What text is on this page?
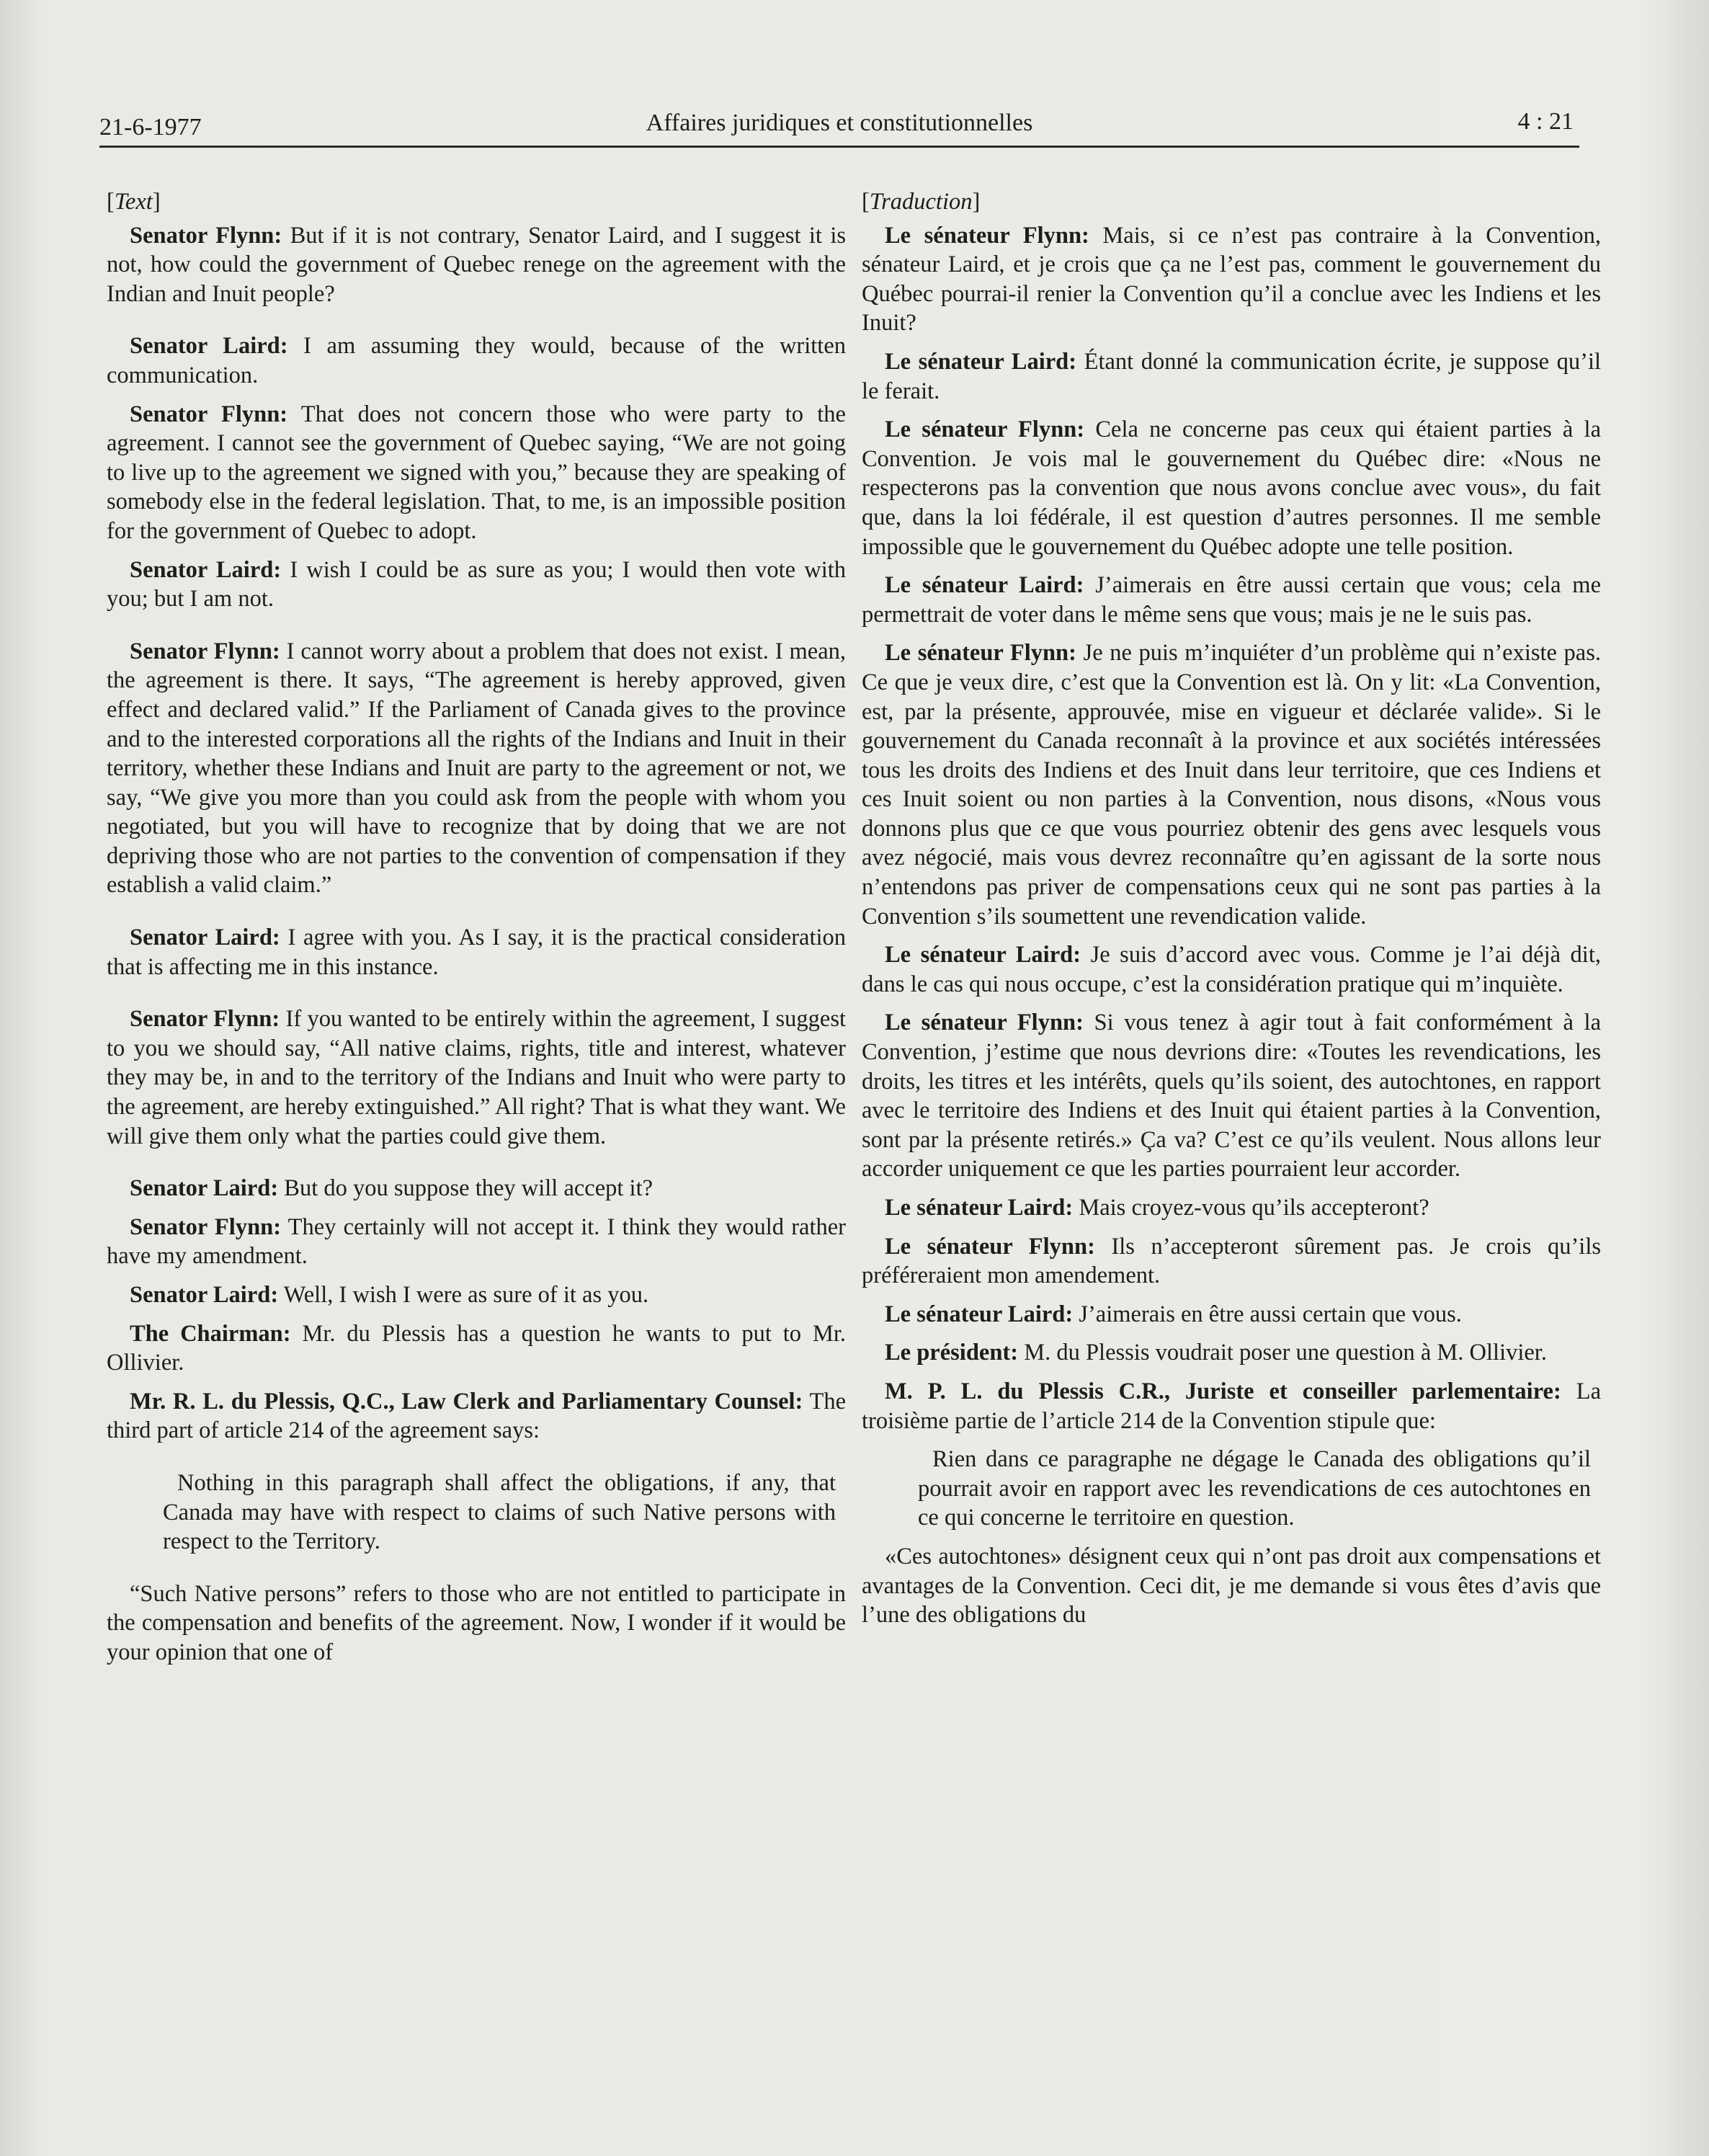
21-6-1977	Affaires juridiques et constitutionnelles	4 : 21
[Text]

Senator Flynn: But if it is not contrary, Senator Laird, and I suggest it is not, how could the government of Quebec renege on the agreement with the Indian and Inuit people?

Senator Laird: I am assuming they would, because of the written communication.

Senator Flynn: That does not concern those who were party to the agreement. I cannot see the government of Quebec saying, “We are not going to live up to the agreement we signed with you,” because they are speaking of somebody else in the federal legislation. That, to me, is an impossible position for the government of Quebec to adopt.

Senator Laird: I wish I could be as sure as you; I would then vote with you; but I am not.

Senator Flynn: I cannot worry about a problem that does not exist. I mean, the agreement is there. It says, “The agreement is hereby approved, given effect and declared valid.” If the Parliament of Canada gives to the province and to the interested corporations all the rights of the Indians and Inuit in their territory, whether these Indians and Inuit are party to the agreement or not, we say, “We give you more than you could ask from the people with whom you negotiated, but you will have to recognize that by doing that we are not depriving those who are not parties to the convention of compensation if they establish a valid claim.”

Senator Laird: I agree with you. As I say, it is the practical consideration that is affecting me in this instance.

Senator Flynn: If you wanted to be entirely within the agreement, I suggest to you we should say, “All native claims, rights, title and interest, whatever they may be, in and to the territory of the Indians and Inuit who were party to the agreement, are hereby extinguished.” All right? That is what they want. We will give them only what the parties could give them.

Senator Laird: But do you suppose they will accept it?

Senator Flynn: They certainly will not accept it. I think they would rather have my amendment.

Senator Laird: Well, I wish I were as sure of it as you.

The Chairman: Mr. du Plessis has a question he wants to put to Mr. Ollivier.

Mr. R. L. du Plessis, Q.C., Law Clerk and Parliamentary Counsel: The third part of article 214 of the agreement says:

Nothing in this paragraph shall affect the obligations, if any, that Canada may have with respect to claims of such Native persons with respect to the Territory.

“Such Native persons” refers to those who are not entitled to participate in the compensation and benefits of the agreement. Now, I wonder if it would be your opinion that one of

[Traduction]

Le sénateur Flynn: Mais, si ce n’est pas contraire à la Convention, sénateur Laird, et je crois que ça ne l’est pas, comment le gouvernement du Québec pourrai-il renier la Convention qu’il a conclue avec les Indiens et les Inuit?

Le sénateur Laird: Étant donné la communication écrite, je suppose qu’il le ferait.

Le sénateur Flynn: Cela ne concerne pas ceux qui étaient parties à la Convention. Je vois mal le gouvernement du Québec dire: «Nous ne respecterons pas la convention que nous avons conclue avec vous», du fait que, dans la loi fédérale, il est question d’autres personnes. Il me semble impossible que le gouvernement du Québec adopte une telle position.

Le sénateur Laird: J’aimerais en être aussi certain que vous; cela me permettrait de voter dans le même sens que vous; mais je ne le suis pas.

Le sénateur Flynn: Je ne puis m’inquiéter d’un problème qui n’existe pas. Ce que je veux dire, c’est que la Convention est là. On y lit: «La Convention, est, par la présente, approuvée, mise en vigueur et déclarée valide». Si le gouvernement du Canada reconnaît à la province et aux sociétés intéressées tous les droits des Indiens et des Inuit dans leur territoire, que ces Indiens et ces Inuit soient ou non parties à la Convention, nous disons, «Nous vous donnons plus que ce que vous pourriez obtenir des gens avec lesquels vous avez négocié, mais vous devrez reconnaître qu’en agissant de la sorte nous n’entendons pas priver de compensations ceux qui ne sont pas parties à la Convention s’ils soumettent une revendication valide.

Le sénateur Laird: Je suis d’accord avec vous. Comme je l’ai déjà dit, dans le cas qui nous occupe, c’est la considération pratique qui m’inquiète.

Le sénateur Flynn: Si vous tenez à agir tout à fait conformément à la Convention, j’estime que nous devrions dire: «Toutes les revendications, les droits, les titres et les intérêts, quels qu’ils soient, des autochtones, en rapport avec le territoire des Indiens et des Inuit qui étaient parties à la Convention, sont par la présente retirés.» Ça va? C’est ce qu’ils veulent. Nous allons leur accorder uniquement ce que les parties pourraient leur accorder.

Le sénateur Laird: Mais croyez-vous qu’ils accepteront?

Le sénateur Flynn: Ils n’accepteront sûrement pas. Je crois qu’ils préféreraient mon amendement.

Le sénateur Laird: J’aimerais en être aussi certain que vous.

Le président: M. du Plessis voudrait poser une question à M. Ollivier.

M. P. L. du Plessis C.R., Juriste et conseiller parlementaire: La troisième partie de l’article 214 de la Convention stipule que:

Rien dans ce paragraphe ne dégage le Canada des obligations qu’il pourrait avoir en rapport avec les revendications de ces autochtones en ce qui concerne le territoire en question.

«Ces autochtones» désignent ceux qui n’ont pas droit aux compensations et avantages de la Convention. Ceci dit, je me demande si vous êtes d’avis que l’une des obligations du
